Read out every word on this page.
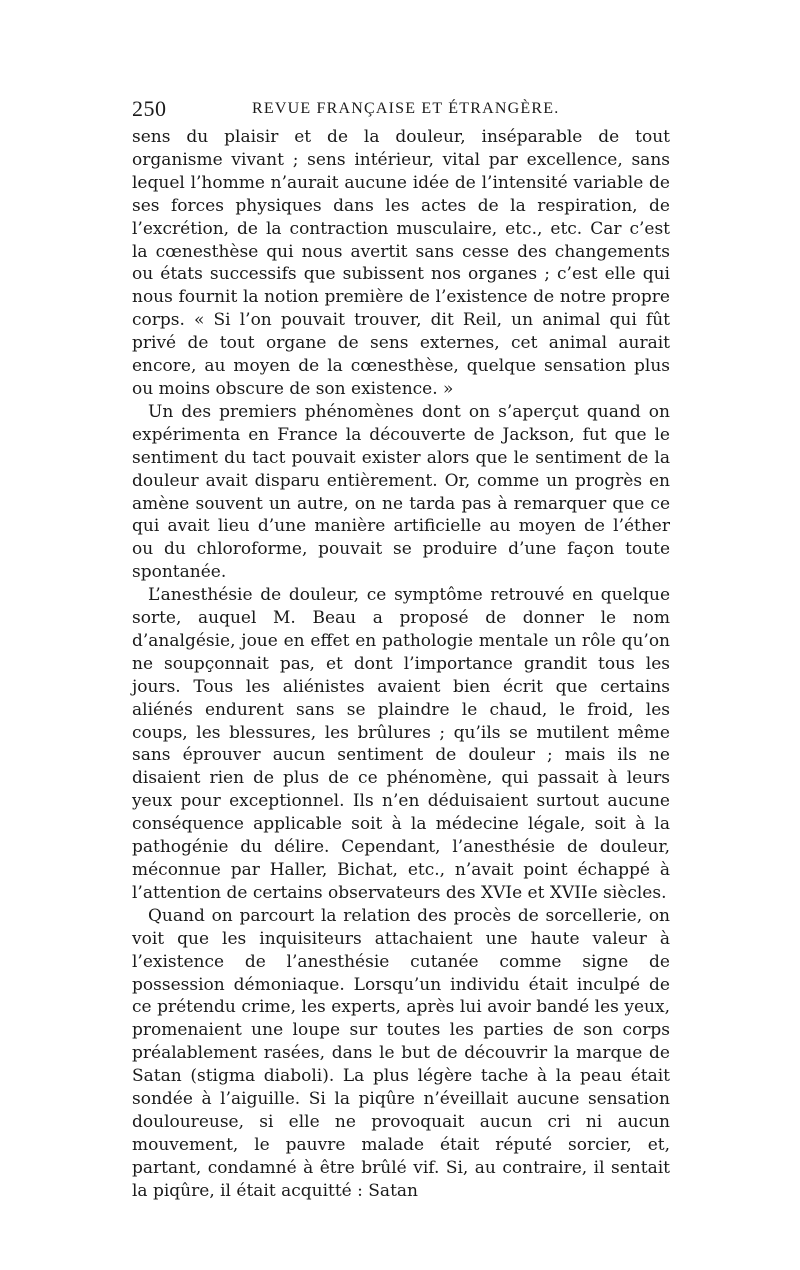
250	REVUE FRANÇAISE ET ÉTRANGÈRE.

sens du plaisir et de la douleur, inséparable de tout organisme vivant ; sens intérieur, vital par excellence, sans lequel l’homme n’aurait aucune idée de l’intensité variable de ses forces physiques dans les actes de la respiration, de l’excrétion, de la contraction musculaire, etc., etc. Car c’est la cœnesthèse qui nous avertit sans cesse des changements ou états successifs que subissent nos organes ; c’est elle qui nous fournit la notion première de l’existence de notre propre corps. « Si l’on pouvait trouver, dit Reil, un animal qui fût privé de tout organe de sens externes, cet animal aurait encore, au moyen de la cœnesthèse, quelque sensation plus ou moins obscure de son existence. »

Un des premiers phénomènes dont on s’aperçut quand on expérimenta en France la découverte de Jackson, fut que le sentiment du tact pouvait exister alors que le sentiment de la douleur avait disparu entièrement. Or, comme un progrès en amène souvent un autre, on ne tarda pas à remarquer que ce qui avait lieu d’une manière artificielle au moyen de l’éther ou du chloroforme, pouvait se produire d’une façon toute spontanée.

L’anesthésie de douleur, ce symptôme retrouvé en quelque sorte, auquel M. Beau a proposé de donner le nom d’analgésie, joue en effet en pathologie mentale un rôle qu’on ne soupçonnait pas, et dont l’importance grandit tous les jours. Tous les aliénistes avaient bien écrit que certains aliénés endurent sans se plaindre le chaud, le froid, les coups, les blessures, les brûlures ; qu’ils se mutilent même sans éprouver aucun sentiment de douleur ; mais ils ne disaient rien de plus de ce phénomène, qui passait à leurs yeux pour exceptionnel. Ils n’en déduisaient surtout aucune conséquence applicable soit à la médecine légale, soit à la pathogénie du délire. Cependant, l’anesthésie de douleur, méconnue par Haller, Bichat, etc., n’avait point échappé à l’attention de certains observateurs des XVIe et XVIIe siècles.

Quand on parcourt la relation des procès de sorcellerie, on voit que les inquisiteurs attachaient une haute valeur à l’existence de l’anesthésie cutanée comme signe de possession démoniaque. Lorsqu’un individu était inculpé de ce prétendu crime, les experts, après lui avoir bandé les yeux, promenaient une loupe sur toutes les parties de son corps préalablement rasées, dans le but de découvrir la marque de Satan (stigma diaboli). La plus légère tache à la peau était sondée à l’aiguille. Si la piqûre n’éveillait aucune sensation douloureuse, si elle ne provoquait aucun cri ni aucun mouvement, le pauvre malade était réputé sorcier, et, partant, condamné à être brûlé vif. Si, au contraire, il sentait la piqûre, il était acquitté : Satan
